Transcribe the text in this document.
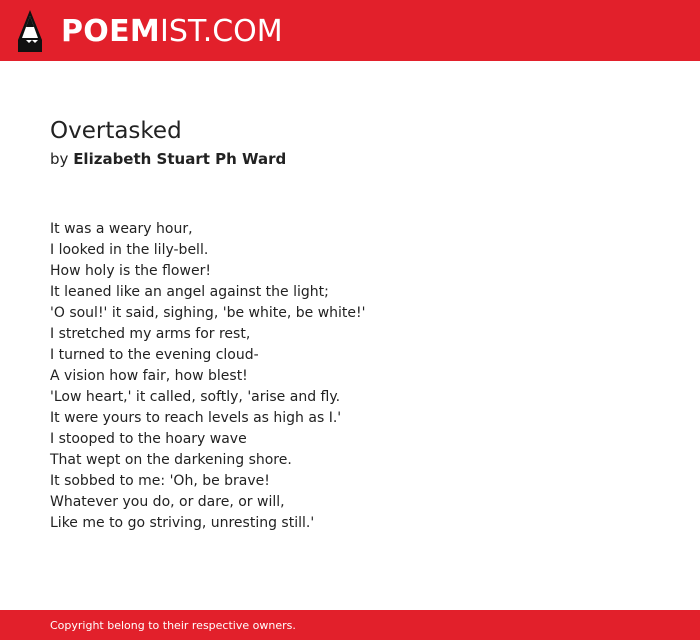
POEM IST.COM
Overtasked
by Elizabeth Stuart Ph Ward
It was a weary hour,
I looked in the lily-bell.
How holy is the flower!
It leaned like an angel against the light;
'O soul!' it said, sighing, 'be white, be white!'
I stretched my arms for rest,
I turned to the evening cloud-
A vision how fair, how blest!
'Low heart,' it called, softly, 'arise and fly.
It were yours to reach levels as high as I.'
I stooped to the hoary wave
That wept on the darkening shore.
It sobbed to me: 'Oh, be brave!
Whatever you do, or dare, or will,
Like me to go striving, unresting still.'
Copyright belong to their respective owners.
